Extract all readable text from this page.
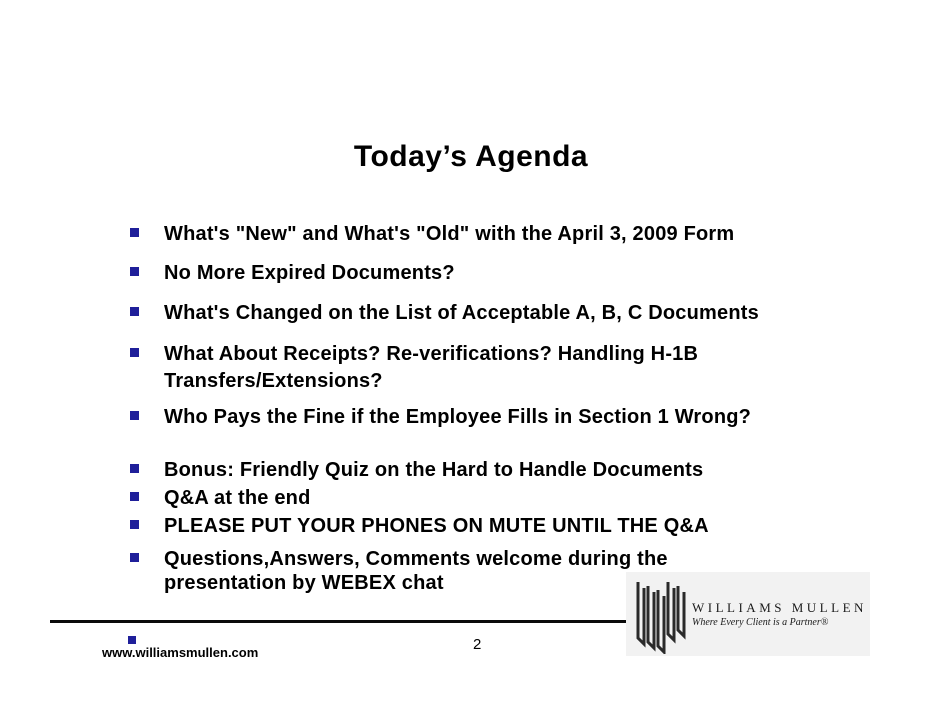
Today’s Agenda
What's "New" and What's "Old" with the April 3, 2009 Form
No More Expired Documents?
What's Changed on the List of Acceptable A, B, C Documents
What About Receipts? Re-verifications? Handling H-1B
Transfers/Extensions?
Who Pays the Fine if the Employee Fills in Section 1 Wrong?
Bonus: Friendly Quiz on the Hard to Handle Documents
Q&A at the end
PLEASE PUT YOUR PHONES ON MUTE UNTIL THE Q&A
Questions,Answers, Comments welcome during the
presentation by WEBEX chat
www.williamsmullen.com	2
WILLIAMS MULLEN
Where Every Client is a Partner®
